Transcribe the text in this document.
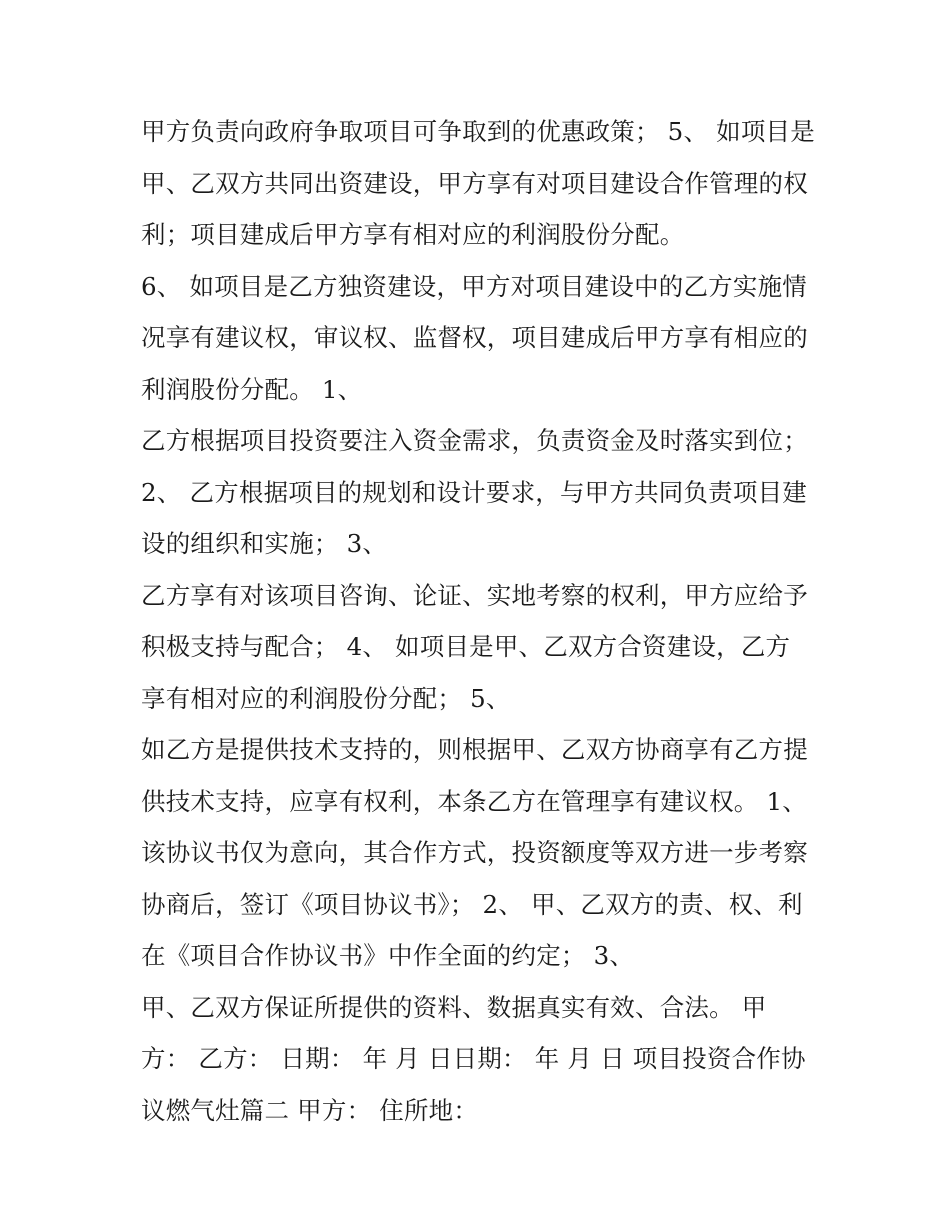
甲方负责向政府争取项目可争取到的优惠政策； 5、 如项目是
甲、乙双方共同出资建设，甲方享有对项目建设合作管理的权
利；项目建成后甲方享有相对应的利润股份分配。
6、 如项目是乙方独资建设，甲方对项目建设中的乙方实施情
况享有建议权，审议权、监督权，项目建成后甲方享有相应的
利润股份分配。 1、
乙方根据项目投资要注入资金需求，负责资金及时落实到位；
2、 乙方根据项目的规划和设计要求，与甲方共同负责项目建
设的组织和实施； 3、
乙方享有对该项目咨询、论证、实地考察的权利，甲方应给予
积极支持与配合； 4、 如项目是甲、乙双方合资建设，乙方
享有相对应的利润股份分配； 5、
如乙方是提供技术支持的，则根据甲、乙双方协商享有乙方提
供技术支持，应享有权利，本条乙方在管理享有建议权。 1、
该协议书仅为意向，其合作方式，投资额度等双方进一步考察
协商后，签订《项目协议书》； 2、 甲、乙双方的责、权、利
在《项目合作协议书》中作全面的约定； 3、
甲、乙双方保证所提供的资料、数据真实有效、合法。 甲
方： 乙方： 日期： 年 月 日日期： 年 月 日 项目投资合作协
议燃气灶篇二 甲方： 住所地：
